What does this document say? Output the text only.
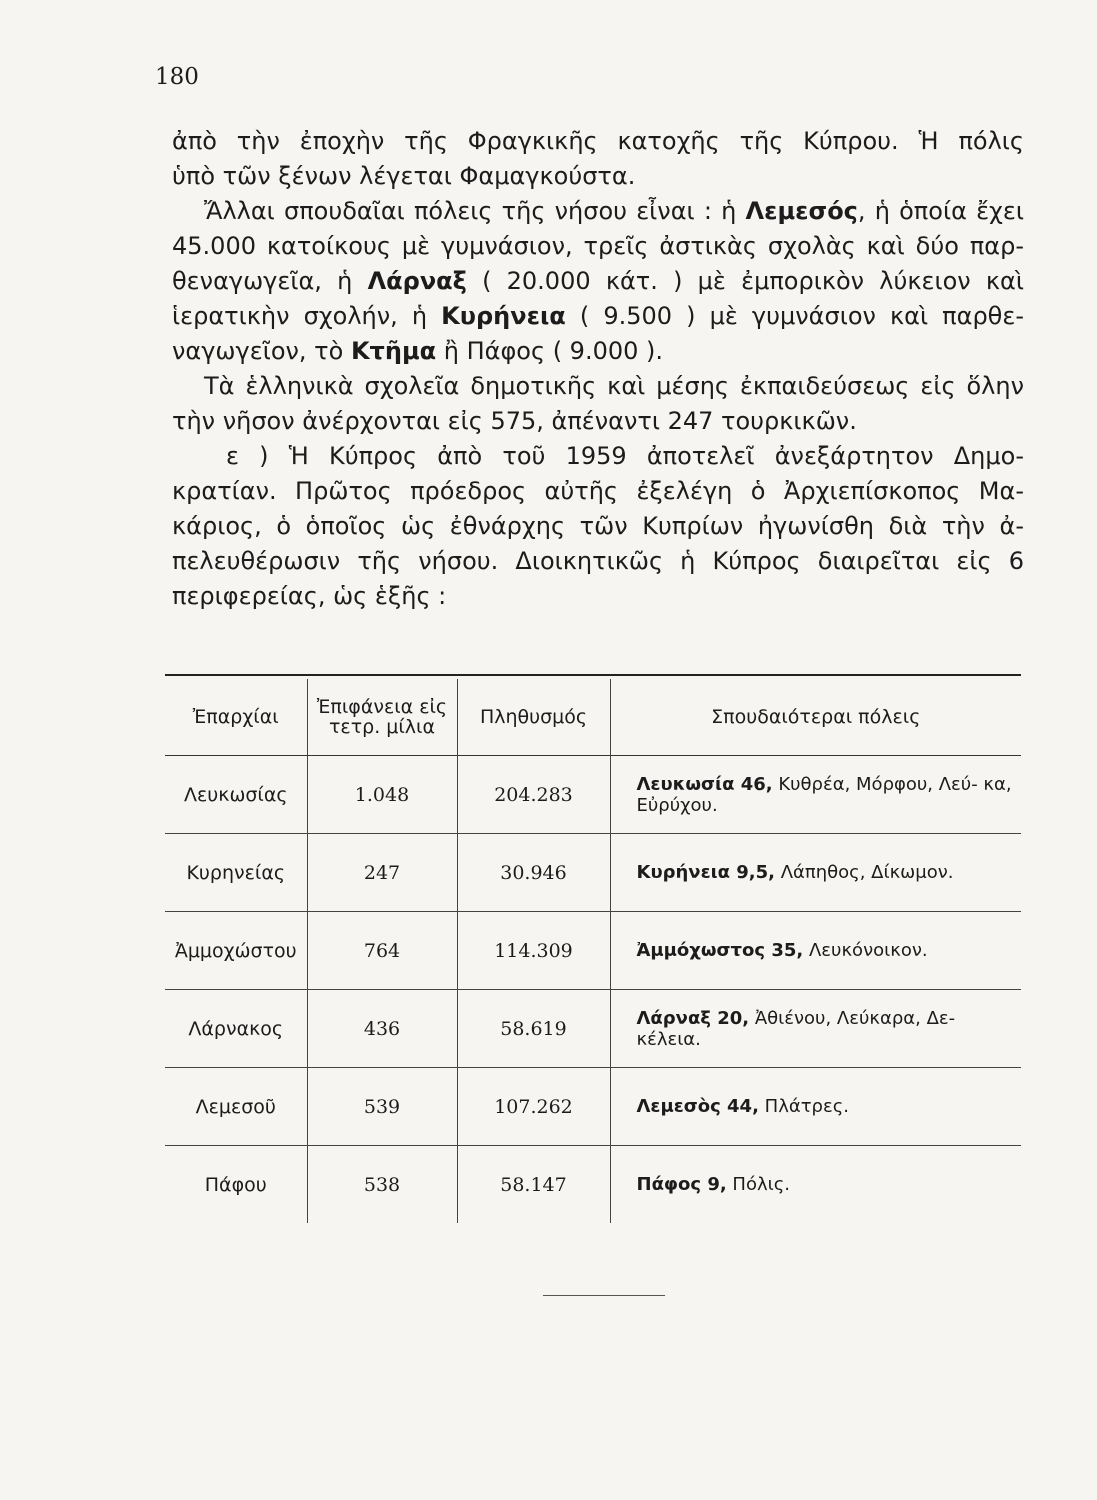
180

ἀπὸ τὴν ἐποχὴν τῆς Φραγκικῆς κατοχῆς τῆς Κύπρου. Ἡ πόλις

ὑπὸ τῶν ξένων λέγεται Φαμαγκούστα.

Ἄλλαι σπουδαῖαι πόλεις τῆς νήσου εἶναι : ἡ Λεμεσός, ἡ ὁποία ἔχει

45.000 κατοίκους μὲ γυμνάσιον, τρεῖς ἀστικὰς σχολὰς καὶ δύο παρ-

θεναγωγεῖα, ἡ Λάρναξ ( 20.000 κάτ. ) μὲ ἐμπορικὸν λύκειον καὶ

ἱερατικὴν σχολήν, ἡ Κυρήνεια ( 9.500 ) μὲ γυμνάσιον καὶ παρθε-

ναγωγεῖον, τὸ Κτῆμα ἢ Πάφος ( 9.000 ).

Τὰ ἑλληνικὰ σχολεῖα δημοτικῆς καὶ μέσης ἐκπαιδεύσεως εἰς ὅλην

τὴν νῆσον ἀνέρχονται εἰς 575, ἀπέναντι 247 τουρκικῶν.

ε ) Ἡ Κύπρος ἀπὸ τοῦ 1959 ἀποτελεῖ ἀνεξάρτητον Δημο-

κρατίαν. Πρῶτος πρόεδρος αὐτῆς ἐξελέγη ὁ Ἀρχιεπίσκοπος Μα-

κάριος, ὁ ὁποῖος ὡς ἐθνάρχης τῶν Κυπρίων ἠγωνίσθη διὰ τὴν ἀ-

πελευθέρωσιν τῆς νήσου. Διοικητικῶς ἡ Κύπρος διαιρεῖται εἰς 6

περιφερείας, ὡς ἑξῆς :

Ἐπαρχίαι	Ἐπιφάνεια εἰς τετρ. μίλια	Πληθυσμός	Σπουδαιότεραι πόλεις
Λευκωσίας	1.048	204.283	Λευκωσία 46, Κυθρέα, Μόρφου, Λεύ- κα, Εὐρύχου.
Κυρηνείας	247	30.946	Κυρήνεια 9,5, Λάπηθος, Δίκωμον.
Ἀμμοχώστου	764	114.309	Ἀμμόχωστος 35, Λευκόνοικον.
Λάρνακος	436	58.619	Λάρναξ 20, Ἀθιένου, Λεύκαρα, Δε- κέλεια.
Λεμεσοῦ	539	107.262	Λεμεσὸς 44, Πλάτρες.
Πάφου	538	58.147	Πάφος 9, Πόλις.
